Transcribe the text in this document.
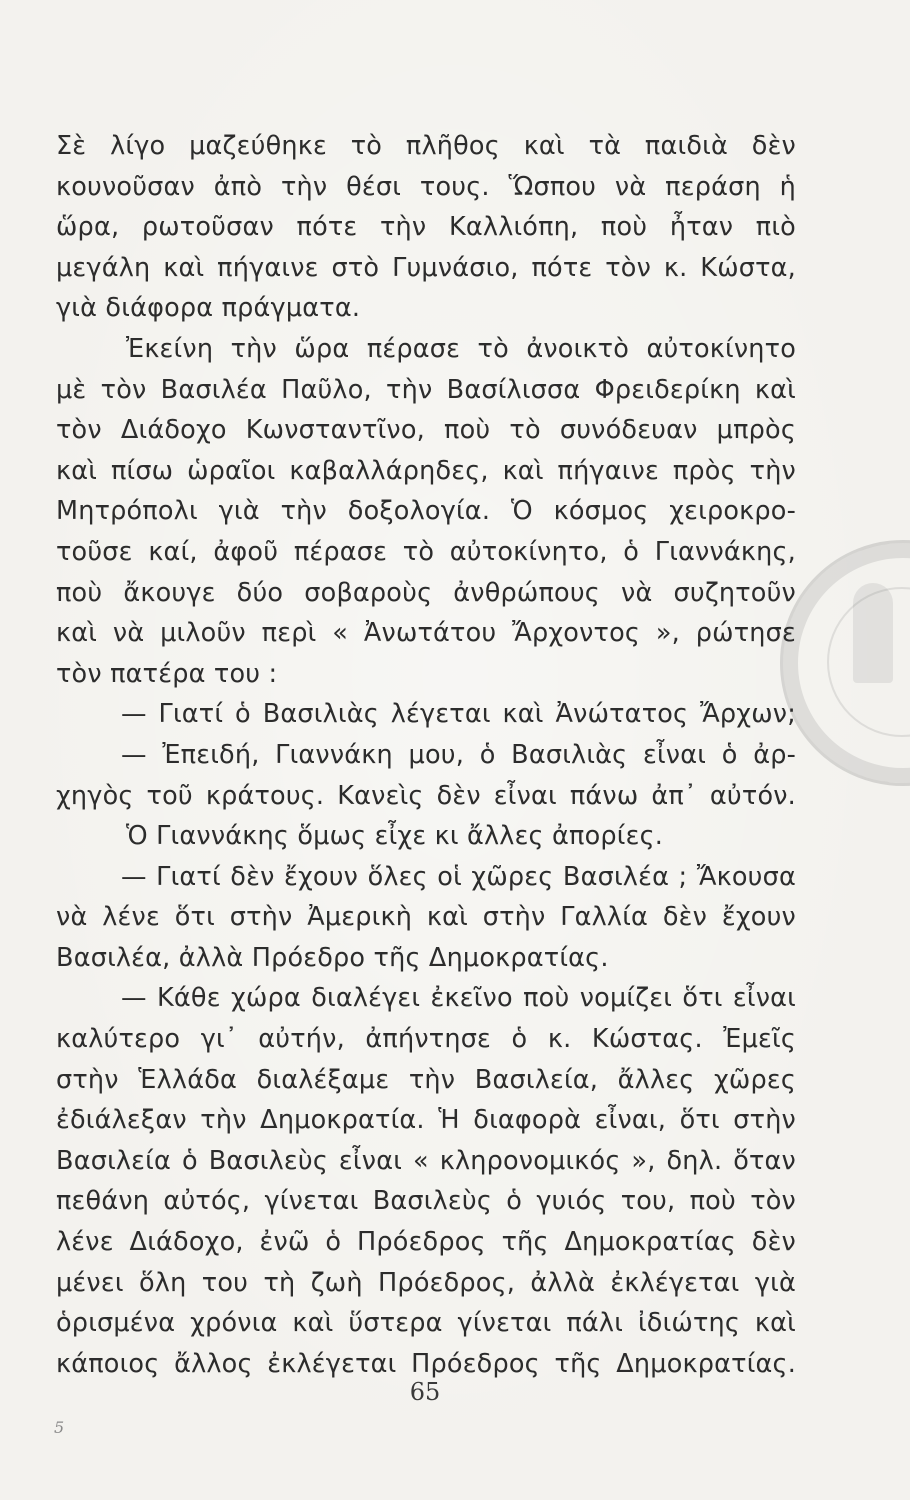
Σὲ λίγο μαζεύθηκε τὸ πλῆθος καὶ τὰ παιδιὰ δὲν
κουνοῦσαν ἀπὸ τὴν θέσι τους. Ὥσπου νὰ περάση ἡ
ὥρα, ρωτοῦσαν πότε τὴν Καλλιόπη, ποὺ ἦταν πιὸ
μεγάλη καὶ πήγαινε στὸ Γυμνάσιο, πότε τὸν κ. Κώστα,
γιὰ διάφορα πράγματα.
Ἐκείνη τὴν ὥρα πέρασε τὸ ἀνοικτὸ αὐτοκίνητο
μὲ τὸν Βασιλέα Παῦλο, τὴν Βασίλισσα Φρειδερίκη καὶ
τὸν Διάδοχο Κωνσταντῖνο, ποὺ τὸ συνόδευαν μπρὸς
καὶ πίσω ὡραῖοι καβαλλάρηδες, καὶ πήγαινε πρὸς τὴν
Μητρόπολι γιὰ τὴν δοξολογία. Ὁ κόσμος χειροκρο-
τοῦσε καί, ἀφοῦ πέρασε τὸ αὐτοκίνητο, ὁ Γιαννάκης,
ποὺ ἄκουγε δύο σοβαροὺς ἀνθρώπους νὰ συζητοῦν
καὶ νὰ μιλοῦν περὶ « Ἀνωτάτου Ἄρχοντος », ρώτησε
τὸν πατέρα του :
— Γιατί ὁ Βασιλιὰς λέγεται καὶ Ἀνώτατος Ἄρχων;
— Ἐπειδή, Γιαννάκη μου, ὁ Βασιλιὰς εἶναι ὁ ἀρ-
χηγὸς τοῦ κράτους. Κανεὶς δὲν εἶναι πάνω ἀπ᾽ αὐτόν.
Ὁ Γιαννάκης ὅμως εἶχε κι ἄλλες ἀπορίες.
— Γιατί δὲν ἔχουν ὅλες οἱ χῶρες Βασιλέα ; Ἄκουσα
νὰ λένε ὅτι στὴν Ἀμερικὴ καὶ στὴν Γαλλία δὲν ἔχουν
Βασιλέα, ἀλλὰ Πρόεδρο τῆς Δημοκρατίας.
— Κάθε χώρα διαλέγει ἐκεῖνο ποὺ νομίζει ὅτι εἶναι
καλύτερο γι᾽ αὐτήν, ἀπήντησε ὁ κ. Κώστας. Ἐμεῖς
στὴν Ἑλλάδα διαλέξαμε τὴν Βασιλεία, ἄλλες χῶρες
ἐδιάλεξαν τὴν Δημοκρατία. Ἡ διαφορὰ εἶναι, ὅτι στὴν
Βασιλεία ὁ Βασιλεὺς εἶναι « κληρονομικός », δηλ. ὅταν
πεθάνη αὐτός, γίνεται Βασιλεὺς ὁ γυιός του, ποὺ τὸν
λένε Διάδοχο, ἐνῶ ὁ Πρόεδρος τῆς Δημοκρατίας δὲν
μένει ὅλη του τὴ ζωὴ Πρόεδρος, ἀλλὰ ἐκλέγεται γιὰ
ὁρισμένα χρόνια καὶ ὕστερα γίνεται πάλι ἰδιώτης καὶ
κάποιος ἄλλος ἐκλέγεται Πρόεδρος τῆς Δημοκρατίας.
65
5
